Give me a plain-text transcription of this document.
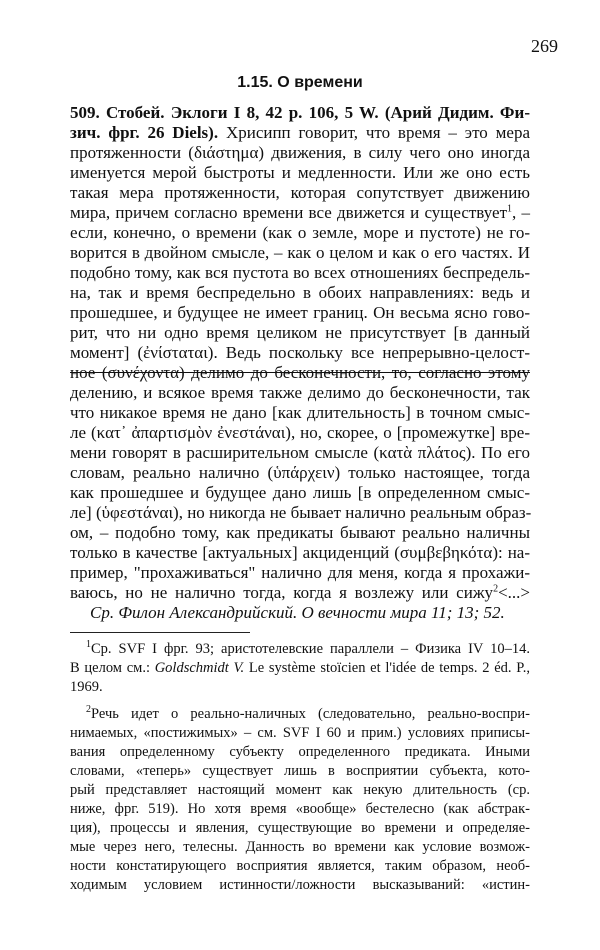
269
1.15. О времени
509. Стобей. Эклоги I 8, 42 p. 106, 5 W. (Арий Дидим. Фи-
зич. фрг. 26 Diels). Хрисипп говорит, что время – это мера
протяженности (διάστημα) движения, в силу чего оно иногда
именуется мерой быстроты и медленности. Или же оно есть
такая мера протяженности, которая сопутствует движению
мира, причем согласно времени все движется и существует$^1$, –
если, конечно, о времени (как о земле, море и пустоте) не го-
ворится в двойном смысле, – как о целом и как о его частях. И
подобно тому, как вся пустота во всех отношениях беспредель-
на, так и время беспредельно в обоих направлениях: ведь и
прошедшее, и будущее не имеет границ. Он весьма ясно гово-
рит, что ни одно время целиком не присутствует [в данный
момент] (ἐνίσταται). Ведь поскольку все непрерывно-целост-
ное (συνέχοντα) делимо до бесконечности, то, согласно этому
делению, и всякое время также делимо до бесконечности, так
что никакое время не дано [как длительность] в точном смыс-
ле (κατ᾽ ἀπαρτισμὸν ἐνεστάναι), но, скорее, о [промежутке] вре-
мени говорят в расширительном смысле (κατὰ πλάτος). По его
словам, реально налично (ὑπάρχειν) только настоящее, тогда
как прошедшее и будущее дано лишь [в определенном смыс-
ле] (ὑφεστάναι), но никогда не бывает налично реальным образ-
ом, – подобно тому, как предикаты бывают реально наличны
только в качестве [актуальных] акциденций (συμβεβηκότα): на-
пример, "прохаживаться" налично для меня, когда я прохажи-
ваюсь, но не налично тогда, когда я возлежу или сижу$^2$<...>
Ср. Филон Александрийский. О вечности мира 11; 13; 52.
$^1$Ср. SVF I фрг. 93; аристотелевские параллели – Физика IV 10–14.
В целом см.: Goldschmidt V. Le système stoïcien et l'idée de temps. 2 éd. P.,
1969.
$^2$Речь идет о реально-наличных (следовательно, реально-воспри-
нимаемых, «постижимых» – см. SVF I 60 и прим.) условиях приписы-
вания определенному субъекту определенного предиката. Иными
словами, «теперь» существует лишь в восприятии субъекта, кото-
рый представляет настоящий момент как некую длительность (ср.
ниже, фрг. 519). Но хотя время «вообще» бестелесно (как абстрак-
ция), процессы и явления, существующие во времени и определяе-
мые через него, телесны. Данность во времени как условие возмож-
ности констатирующего восприятия является, таким образом, необ-
ходимым условием истинности/ложности высказываний: «истин-
